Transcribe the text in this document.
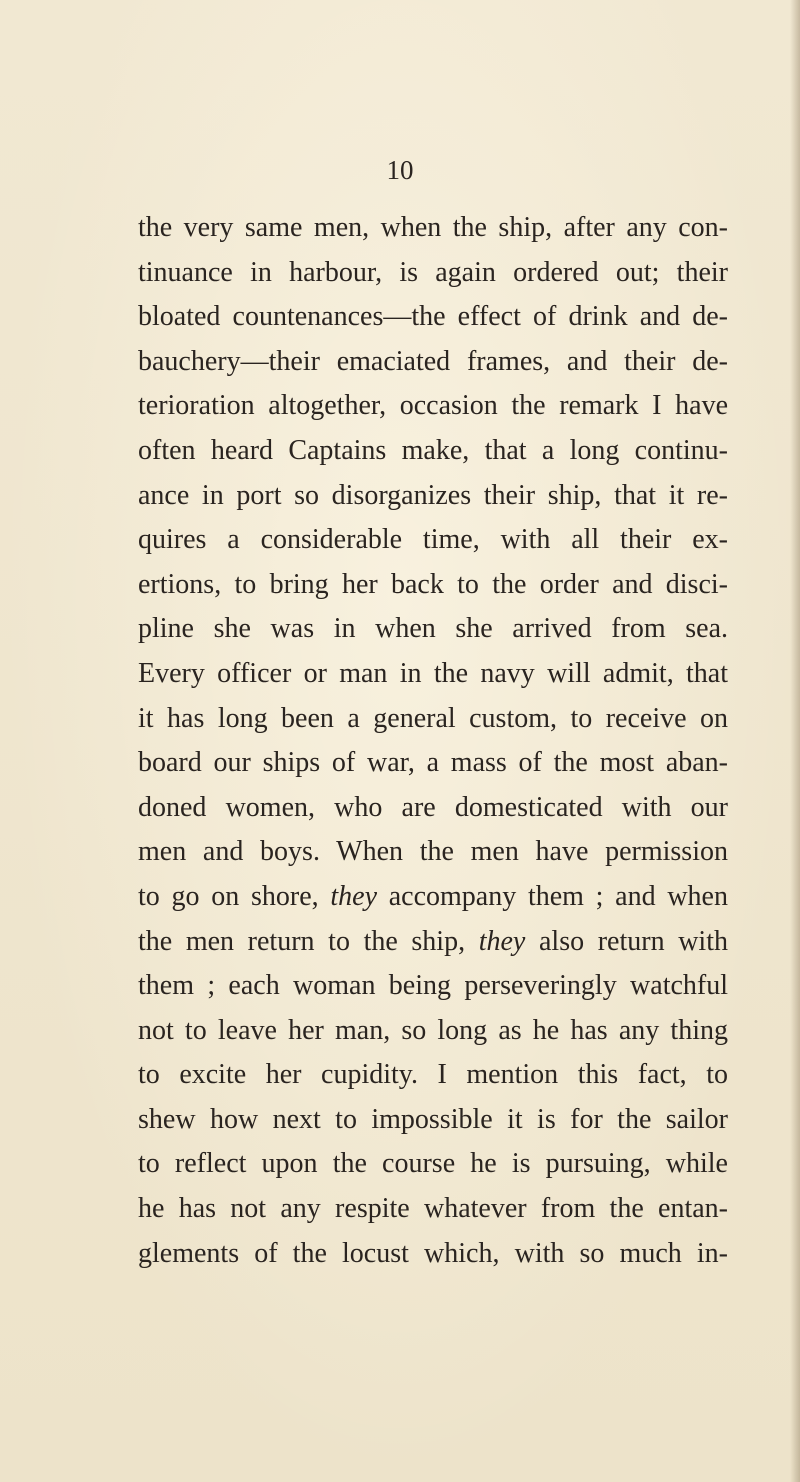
10
the very same men, when the ship, after any con-
tinuance in harbour, is again ordered out; their
bloated countenances—the effect of drink and de-
bauchery—their emaciated frames, and their de-
terioration altogether, occasion the remark I have
often heard Captains make, that a long continu-
ance in port so disorganizes their ship, that it re-
quires a considerable time, with all their ex-
ertions, to bring her back to the order and disci-
pline she was in when she arrived from sea.
Every officer or man in the navy will admit, that
it has long been a general custom, to receive on
board our ships of war, a mass of the most aban-
doned women, who are domesticated with our
men and boys. When the men have permission
to go on shore, they accompany them ; and when
the men return to the ship, they also return with
them ; each woman being perseveringly watchful
not to leave her man, so long as he has any thing
to excite her cupidity. I mention this fact, to
shew how next to impossible it is for the sailor
to reflect upon the course he is pursuing, while
he has not any respite whatever from the entan-
glements of the locust which, with so much in-
